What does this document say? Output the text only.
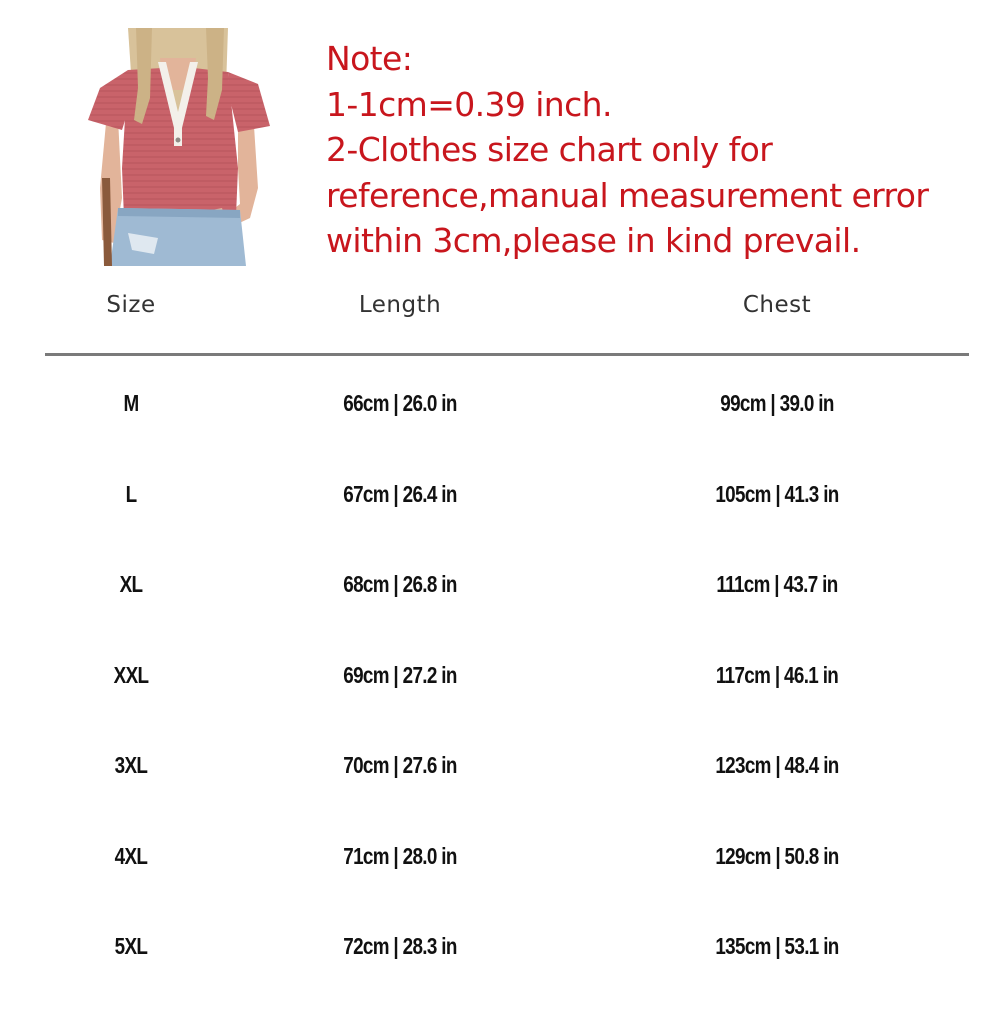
Note:
1-1cm=0.39 inch.
2-Clothes size chart only for
reference,manual measurement error
within 3cm,please in kind prevail.
Size	Length	Chest
M	66cm | 26.0 in	99cm | 39.0 in
L	67cm | 26.4 in	105cm | 41.3 in
XL	68cm | 26.8 in	111cm | 43.7 in
XXL	69cm | 27.2 in	117cm | 46.1 in
3XL	70cm | 27.6 in	123cm | 48.4 in
4XL	71cm | 28.0 in	129cm | 50.8 in
5XL	72cm | 28.3 in	135cm | 53.1 in
